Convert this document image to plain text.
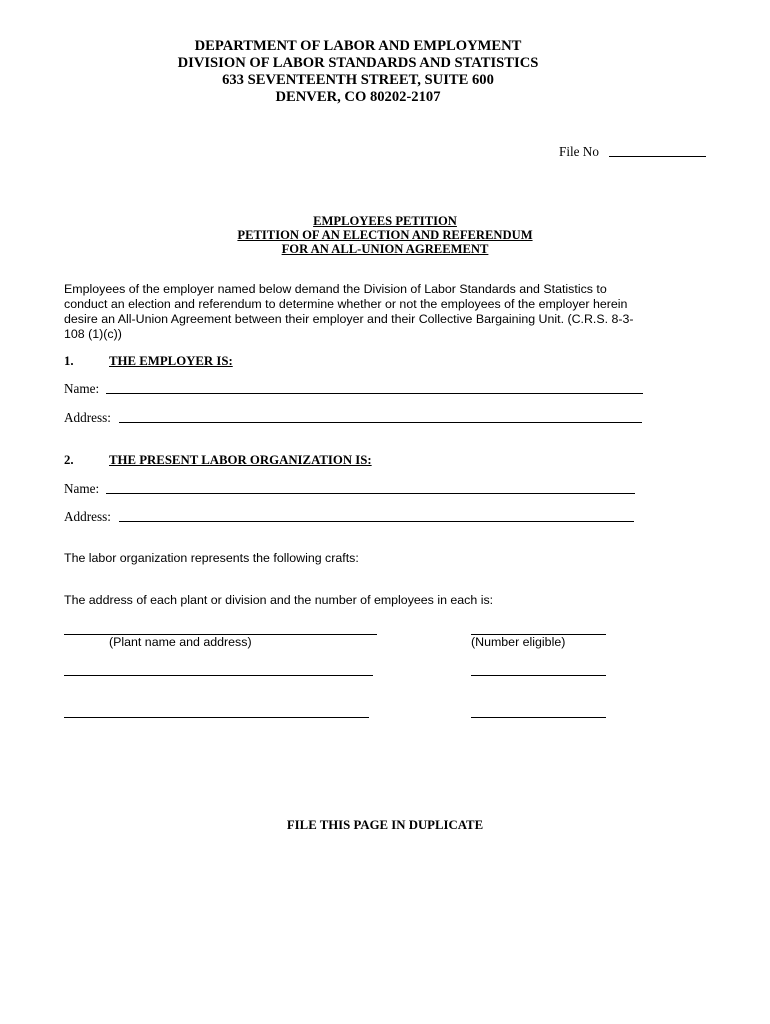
DEPARTMENT OF LABOR AND EMPLOYMENT
DIVISION OF LABOR STANDARDS AND STATISTICS
633 SEVENTEENTH STREET, SUITE 600
DENVER, CO 80202-2107
File No
EMPLOYEES PETITION
PETITION OF AN ELECTION AND REFERENDUM
FOR AN ALL-UNION AGREEMENT
Employees of the employer named below demand the Division of Labor Standards and Statistics to
conduct an election and referendum to determine whether or not the employees of the employer herein
desire an All-Union Agreement between their employer and their Collective Bargaining Unit. (C.R.S. 8-3-
108 (1)(c))
1.	THE EMPLOYER IS:
Name:
Address:
2.	THE PRESENT LABOR ORGANIZATION IS:
Name:
Address:
The labor organization represents the following crafts:
The address of each plant or division and the number of employees in each is:
(Plant name and address)	(Number eligible)
FILE THIS PAGE IN DUPLICATE
